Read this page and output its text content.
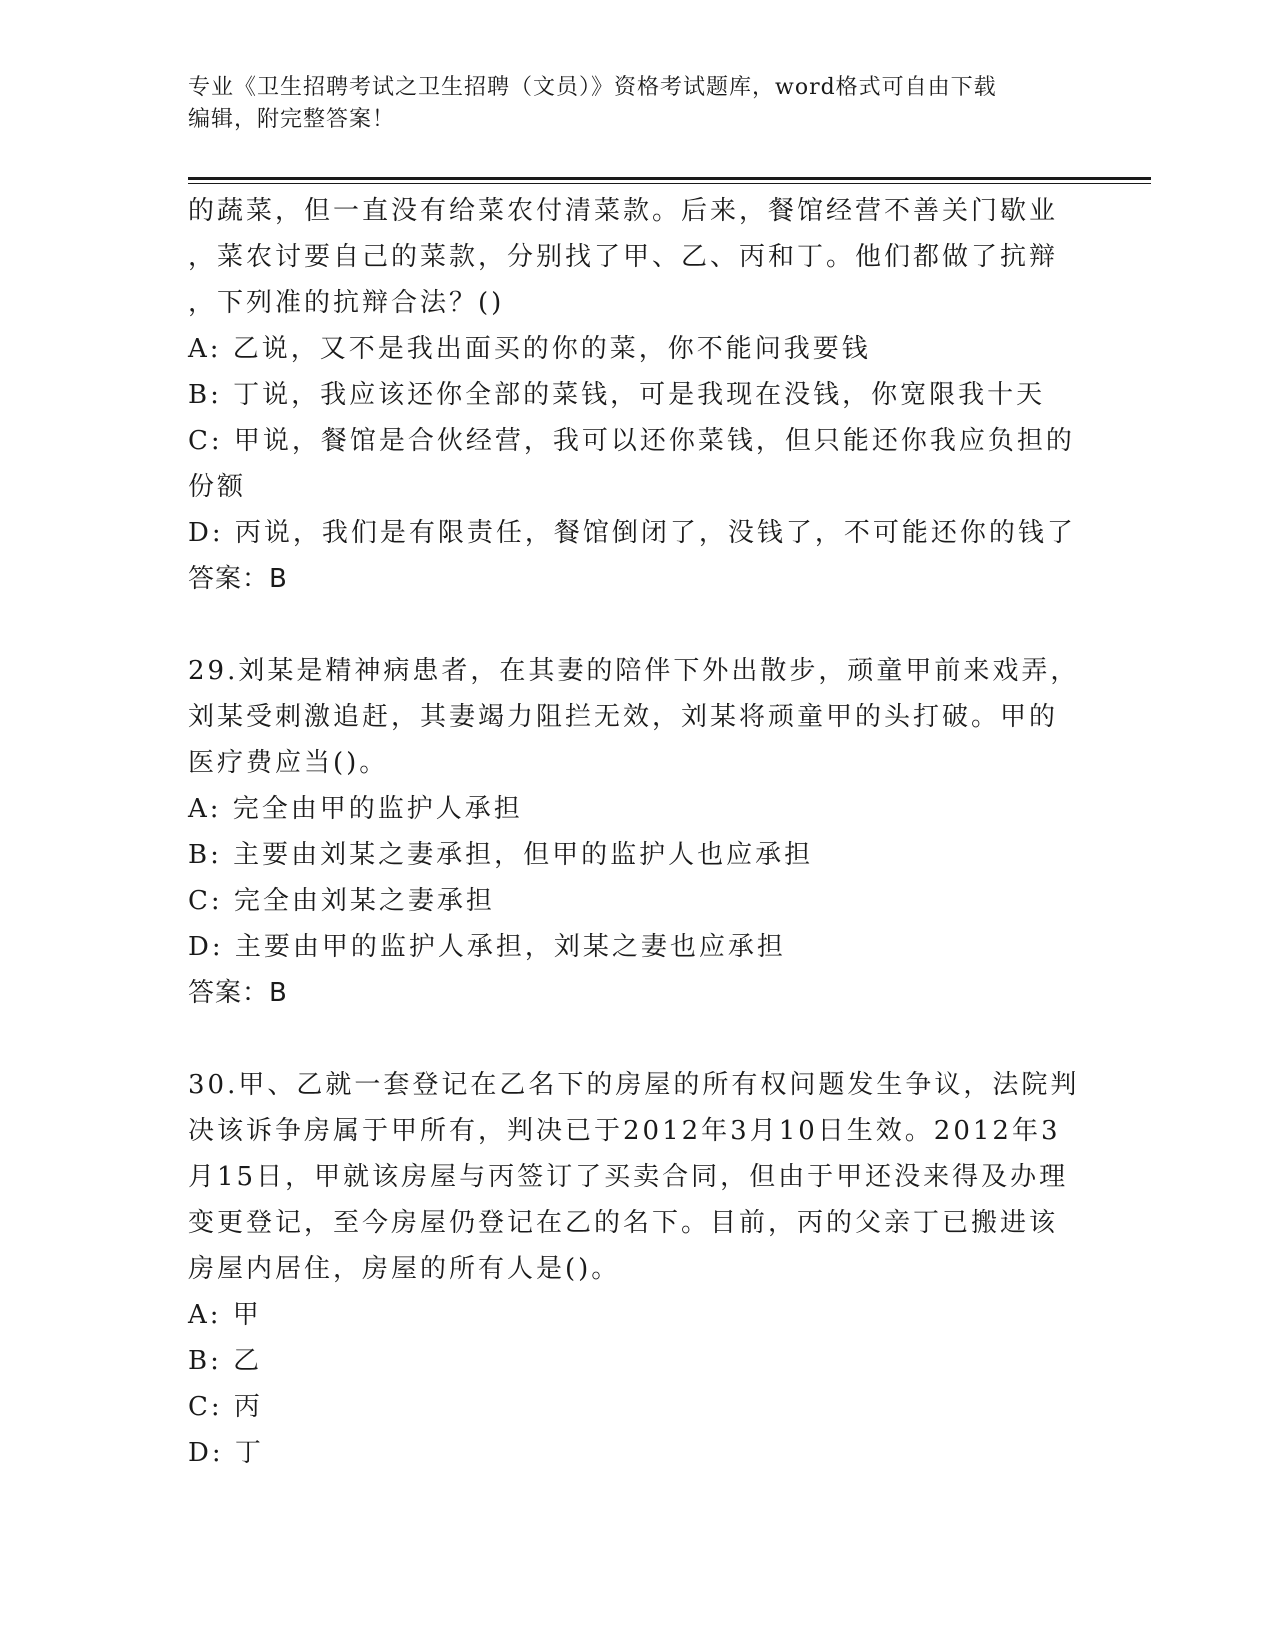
专业《卫生招聘考试之卫生招聘（文员）》资格考试题库，word格式可自由下载
编辑，附完整答案！

的蔬菜，但一直没有给菜农付清菜款。后来，餐馆经营不善关门歇业

，菜农讨要自己的菜款，分别找了甲、乙、丙和丁。他们都做了抗辩

，下列准的抗辩合法？()

A: 乙说，又不是我出面买的你的菜，你不能问我要钱

B: 丁说，我应该还你全部的菜钱，可是我现在没钱，你宽限我十天

C: 甲说，餐馆是合伙经营，我可以还你菜钱，但只能还你我应负担的

份额

D: 丙说，我们是有限责任，餐馆倒闭了，没钱了，不可能还你的钱了

答案：B

29.刘某是精神病患者，在其妻的陪伴下外出散步，顽童甲前来戏弄，

刘某受刺激追赶，其妻竭力阻拦无效，刘某将顽童甲的头打破。甲的

医疗费应当()。

A: 完全由甲的监护人承担

B: 主要由刘某之妻承担，但甲的监护人也应承担

C: 完全由刘某之妻承担

D: 主要由甲的监护人承担，刘某之妻也应承担

答案：B

30.甲、乙就一套登记在乙名下的房屋的所有权问题发生争议，法院判

决该诉争房属于甲所有，判决已于2012年3月10日生效。2012年3

月15日，甲就该房屋与丙签订了买卖合同，但由于甲还没来得及办理

变更登记，至今房屋仍登记在乙的名下。目前，丙的父亲丁已搬进该

房屋内居住，房屋的所有人是()。

A: 甲

B: 乙

C: 丙

D: 丁
